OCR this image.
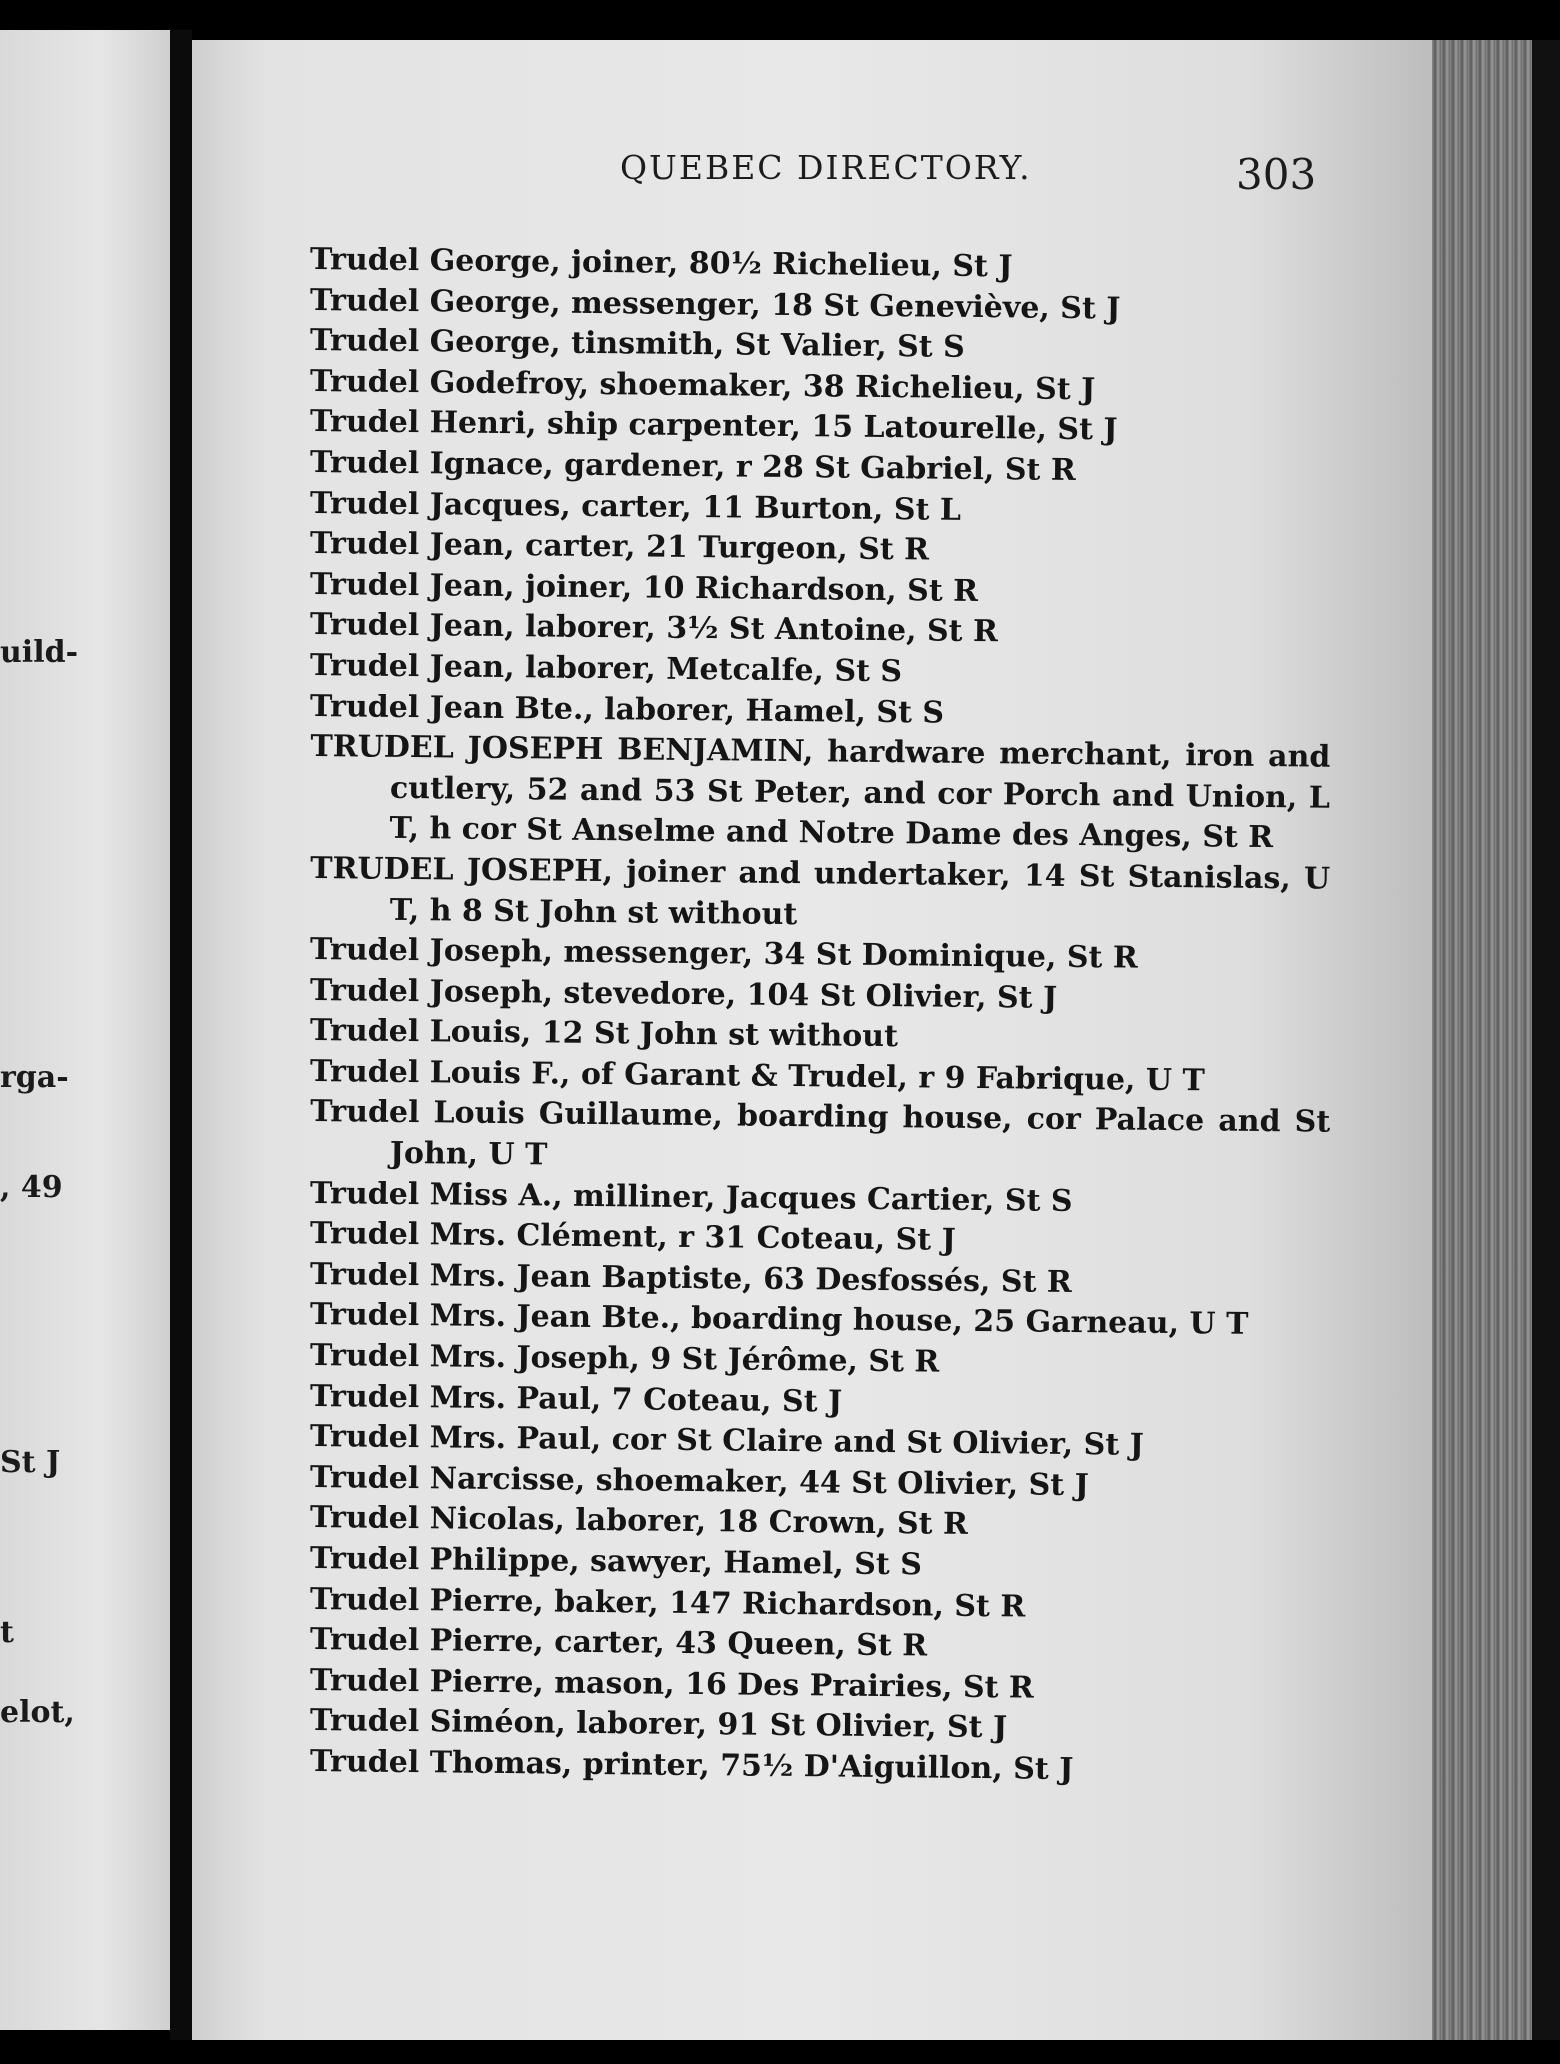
uild-
rga-
, 49
St J
t
elot,
QUEBEC DIRECTORY.	303
Trudel George, joiner, 80½ Richelieu, St J
Trudel George, messenger, 18 St Geneviève, St J
Trudel George, tinsmith, St Valier, St S
Trudel Godefroy, shoemaker, 38 Richelieu, St J
Trudel Henri, ship carpenter, 15 Latourelle, St J
Trudel Ignace, gardener, r 28 St Gabriel, St R
Trudel Jacques, carter, 11 Burton, St L
Trudel Jean, carter, 21 Turgeon, St R
Trudel Jean, joiner, 10 Richardson, St R
Trudel Jean, laborer, 3½ St Antoine, St R
Trudel Jean, laborer, Metcalfe, St S
Trudel Jean Bte., laborer, Hamel, St S
TRUDEL JOSEPH BENJAMIN, hardware merchant, iron and cutlery, 52 and 53 St Peter, and cor Porch and Union, L T, h cor St Anselme and Notre Dame des Anges, St R
TRUDEL JOSEPH, joiner and undertaker, 14 St Stanislas, U T, h 8 St John st without
Trudel Joseph, messenger, 34 St Dominique, St R
Trudel Joseph, stevedore, 104 St Olivier, St J
Trudel Louis, 12 St John st without
Trudel Louis F., of Garant & Trudel, r 9 Fabrique, U T
Trudel Louis Guillaume, boarding house, cor Palace and St John, U T
Trudel Miss A., milliner, Jacques Cartier, St S
Trudel Mrs. Clément, r 31 Coteau, St J
Trudel Mrs. Jean Baptiste, 63 Desfossés, St R
Trudel Mrs. Jean Bte., boarding house, 25 Garneau, U T
Trudel Mrs. Joseph, 9 St Jérôme, St R
Trudel Mrs. Paul, 7 Coteau, St J
Trudel Mrs. Paul, cor St Claire and St Olivier, St J
Trudel Narcisse, shoemaker, 44 St Olivier, St J
Trudel Nicolas, laborer, 18 Crown, St R
Trudel Philippe, sawyer, Hamel, St S
Trudel Pierre, baker, 147 Richardson, St R
Trudel Pierre, carter, 43 Queen, St R
Trudel Pierre, mason, 16 Des Prairies, St R
Trudel Siméon, laborer, 91 St Olivier, St J
Trudel Thomas, printer, 75½ D'Aiguillon, St J
